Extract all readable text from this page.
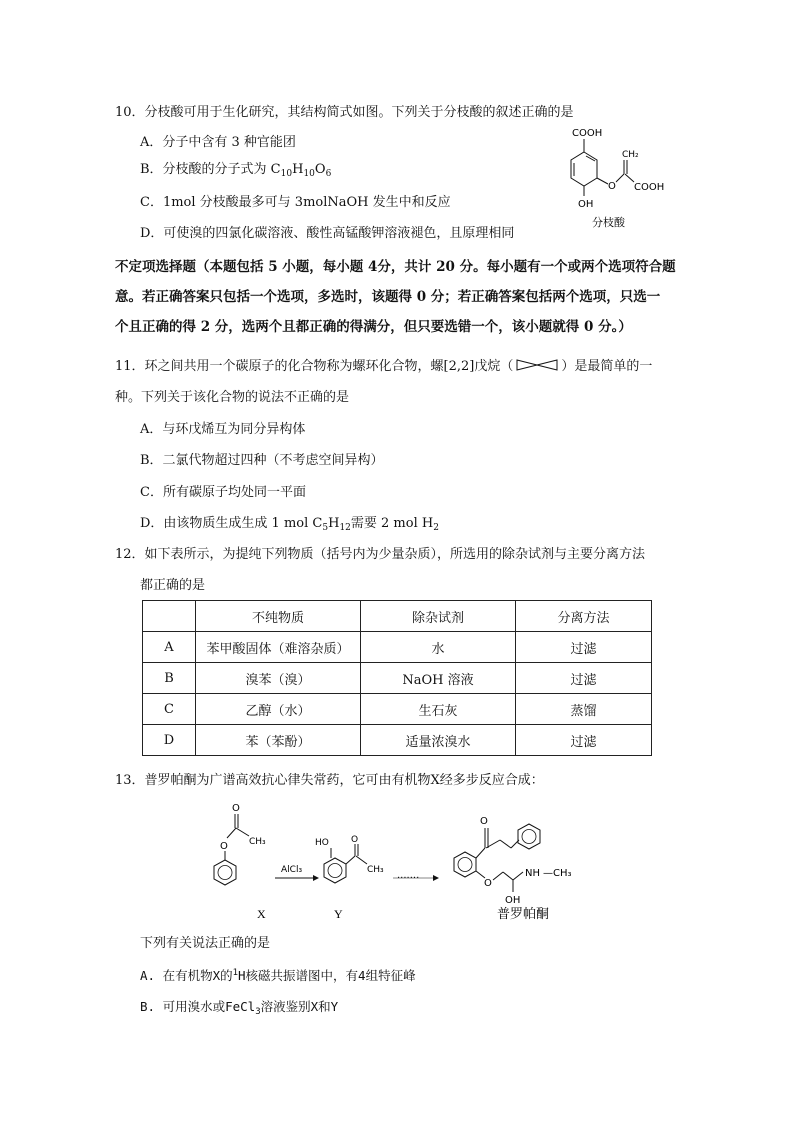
10．分枝酸可用于生化研究，其结构简式如图。下列关于分枝酸的叙述正确的是
A．分子中含有 3 种官能团
B．分枝酸的分子式为 $C_{10}H_{10}O_6$
C．1mol 分枝酸最多可与 3molNaOH 发生中和反应
D．可使溴的四氯化碳溶液、酸性高锰酸钾溶液褪色，且原理相同
COOH
OH
O
CH₂
COOH
分枝酸
不定项选择题（本题包括 5 小题，每小题 4分，共计 20 分。每小题有一个或两个选项符合题
意。若正确答案只包括一个选项，多选时，该题得 0 分；若正确答案包括两个选项，只选一
个且正确的得 2 分，选两个且都正确的得满分，但只要选错一个，该小题就得 0 分。）
11．环之间共用一个碳原子的化合物称为螺环化合物，螺[2,2]戊烷（	）是最简单的一
种。下列关于该化合物的说法不正确的是
A．与环戊烯互为同分异构体
B．二氯代物超过四种（不考虑空间异构）
C．所有碳原子均处同一平面
D．由该物质生成生成 1 mol $C_5H_{12}$需要 2 mol $H_2$
12．如下表所示，为提纯下列物质（括号内为少量杂质），所选用的除杂试剂与主要分离方法
都正确的是
	不纯物质	除杂试剂	分离方法
A	苯甲酸固体（难溶杂质）	水	过滤
B	溴苯（溴）	NaOH 溶液	过滤
C	乙醇（水）	生石灰	蒸馏
D	苯（苯酚）	适量浓溴水	过滤
13．普罗帕酮为广谱高效抗心律失常药，它可由有机物X经多步反应合成：
O
CH₃
O
AlCl₃
HO O
CH₃
·······
O
O
OH
NH —CH₃
X	Y	普罗帕酮
下列有关说法正确的是
A. 在有机物X的$^1$H核磁共振谱图中，有4组特征峰
B. 可用溴水或FeCl$_3$溶液鉴别X和Y
